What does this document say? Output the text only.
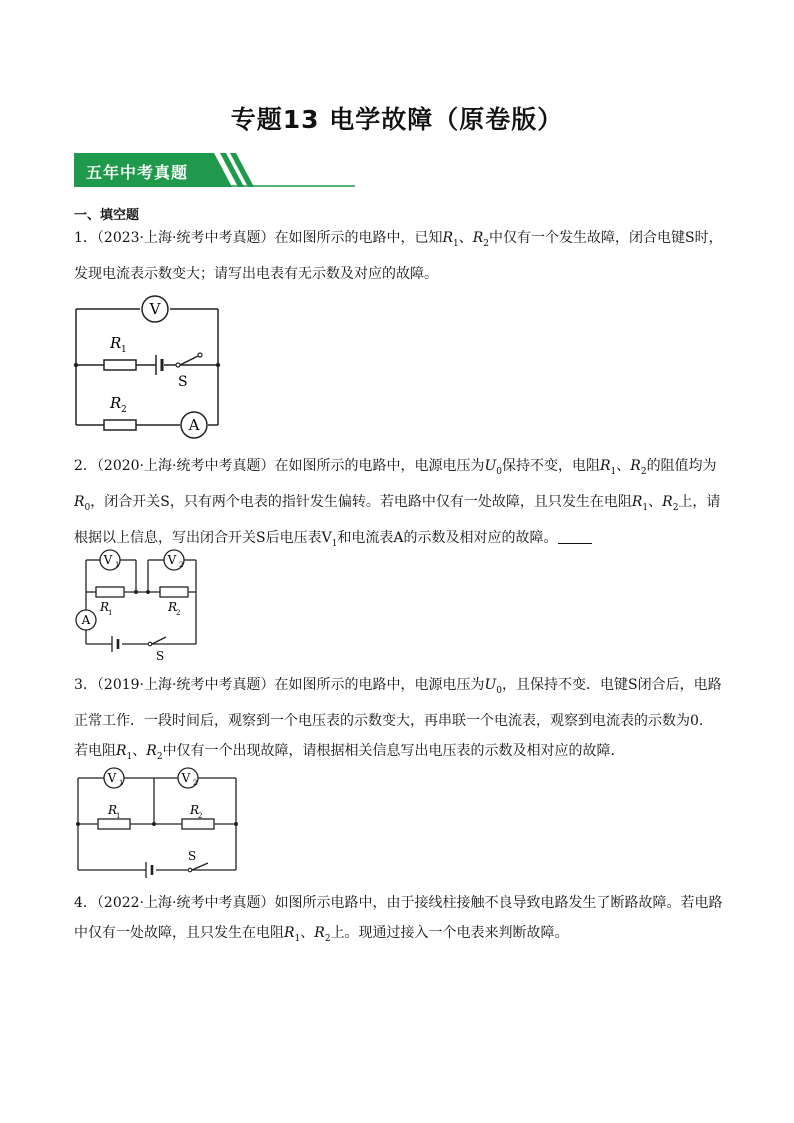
专题13 电学故障（原卷版）
五年中考真题
一、填空题
1．（2023·上海·统考中考真题）在如图所示的电路中，已知$R_1$、$R_2$中仅有一个发生故障，闭合电键S时，发现电流表示数变大；请写出电表有无示数及对应的故障。
V
A
R 1
R 2
S
2．（2020·上海·统考中考真题）在如图所示的电路中，电源电压为$U_0$保持不变，电阻$R_1$、$R_2$的阻值均为$R_0$，闭合开关S，只有两个电表的指针发生偏转。若电路中仅有一处故障，且只发生在电阻$R_1$、$R_2$上，请根据以上信息，写出闭合开关S后电压表$V_1$和电流表A的示数及相对应的故障。
V 1	V 2
A
R
1	R
2
S
3．（2019·上海·统考中考真题）在如图所示的电路中，电源电压为$U_0$，且保持不变．电键S闭合后，电路正常工作．一段时间后，观察到一个电压表的示数变大，再串联一个电流表，观察到电流表的示数为0．若电阻$R_1$、$R_2$中仅有一个出现故障，请根据相关信息写出电压表的示数及相对应的故障．
V 1	V 2
R
1	R
2
S
4．（2022·上海·统考中考真题）如图所示电路中，由于接线柱接触不良导致电路发生了断路故障。若电路中仅有一处故障，且只发生在电阻$R_1$、$R_2$上。现通过接入一个电表来判断故障。
